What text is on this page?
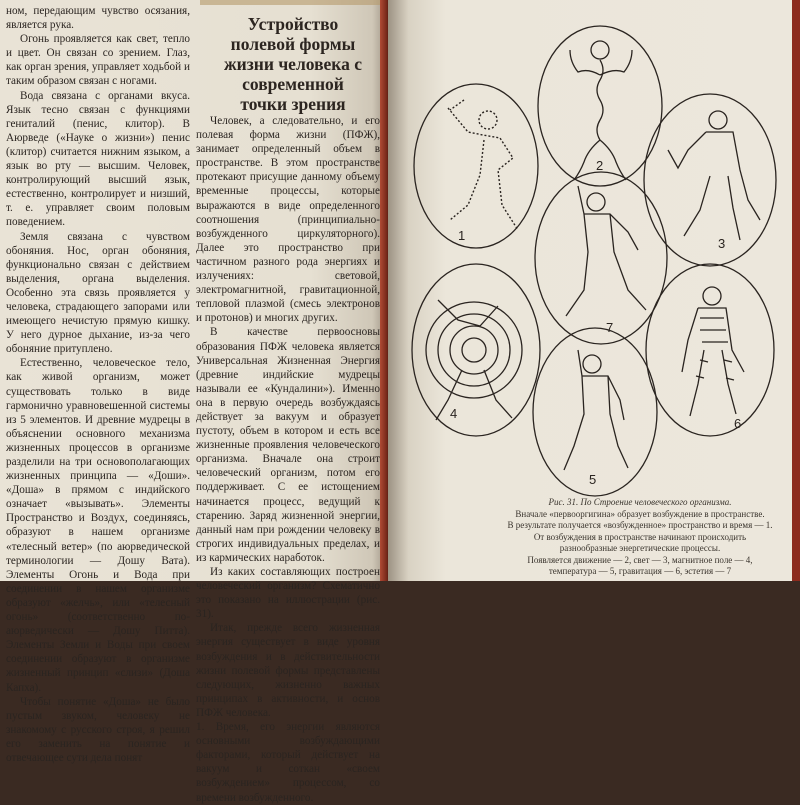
ном, передающим чувство осязания, является рука.

Огонь проявляется как свет, тепло и цвет. Он связан со зрением. Глаз, как орган зрения, управляет ходьбой и таким образом связан с ногами.

Вода связана с органами вкуса. Язык тесно связан с функциями гениталий (пенис, клитор). В Аюрведе («Науке о жизни») пенис (клитор) считается нижним языком, а язык во рту — высшим. Человек, контролирующий высший язык, естественно, контролирует и низший, т. е. управляет своим половым поведением.

Земля связана с чувством обоняния. Нос, орган обоняния, функционально связан с действием выделения, органа выделения. Особенно эта связь проявляется у человека, страдающего запорами или имеющего нечистую прямую кишку. У него дурное дыхание, из-за чего обоняние притуплено.

Естественно, человеческое тело, как живой организм, может существовать только в виде гармонично уравновешенной системы из 5 элементов. И древние мудрецы в объяснении основного механизма жизненных процессов в организме разделили на три основополагающих жизненных принципа — «Доши». «Доша» в прямом с индийского означает «вызывать». Элементы Пространство и Воздух, соединяясь, образуют в нашем организме «телесный ветер» (по аюрведической терминологии — Дошу Вата). Элементы Огонь и Вода при соединении в нашем организме образуют «желчь», или «телесный огонь» (соответственно по-аюрведически — Дошу Питта). Элементы Земли и Воды при своем соединении образуют в организме жизненный принцип «слизи» (Доша Капха).

Чтобы понятие «Доша» не было пустым звуком, человеку не знакомому с русского строя, я решил его заменить на понятие и отвечающее сути дела понят

Устройство полевой формы жизни человека с современной точки зрения

Человек, а следовательно, и его полевая форма жизни (ПФЖ), занимает определенный объем в пространстве. В этом пространстве протекают присущие данному объему временные процессы, которые выражаются в виде определенного соотношения (принципиально-возбужденного циркуляторного). Далее это пространство при частичном разного рода энергиях и излучениях: световой, электромагнитной, гравитационной, тепловой плазмой (смесь электронов и протонов) и многих других.

В качестве первоосновы образования ПФЖ человека является Универсальная Жизненная Энергия (древние индийские мудрецы называли ее «Кундалини»). Именно она в первую очередь возбуждаясь действует за вакуум и образует пустоту, объем в котором и есть все жизненные проявления человеческого организма. Вначале она строит человеческий организм, потом его поддерживает. С ее истощением начинается процесс, ведущий к старению. Заряд жизненной энергии, данный нам при рождении человеку в строгих индивидуальных пределах, и из кармических наработок.

Из каких составляющих построен человеческий организм? Схематично это показано на иллюстрации (рис. 31).

Итак, прежде всего жизненная энергия существует в виде уровня возбуждения и в действительности жизни полевой формы представлены следующих, жизненно важных принципах в активности, и основ ПФЖ человека.

1. Время, его энергии являются основными возбуждающими факторами, который действует на вакуум и соткан «своем возбуждением» процессом, со времени возбужденного.

1
2
3
7
4
6
5
Рис. 31. По Строение человеческого организма.
Вначале «первооргигина» образует возбуждение в пространстве.
В результате получается «возбужденное» пространство и время — 1.
От возбуждения в пространстве начинают происходить
разнообразные энергетические процессы.
Появляется движение — 2, свет — 3, магнитное поле — 4,
температура — 5, гравитация — 6, эстетия — 7
